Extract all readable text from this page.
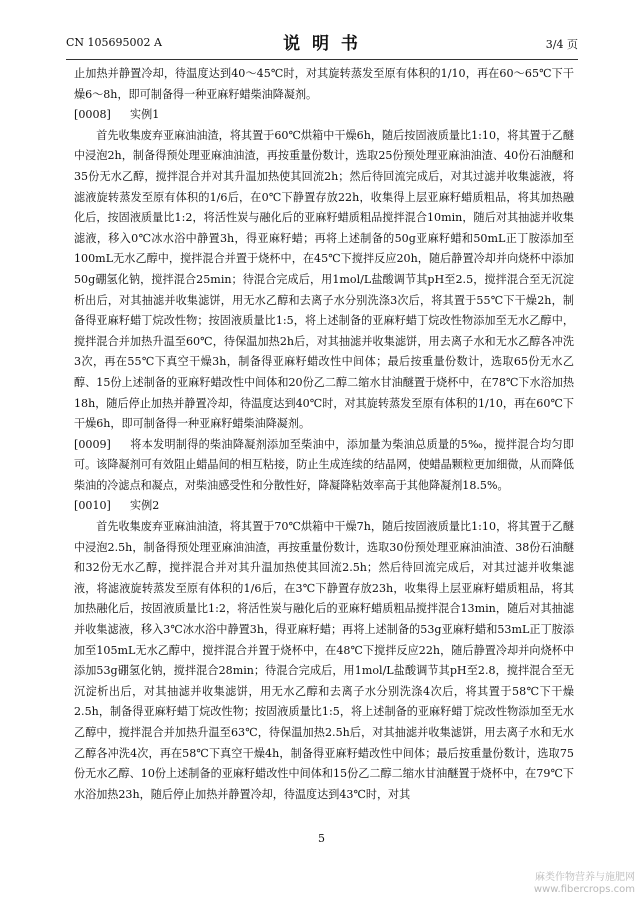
CN 105695002 A	说 明 书	3/4 页

止加热并静置冷却，待温度达到40～45℃时，对其旋转蒸发至原有体积的1/10，再在60～65℃下干燥6～8h，即可制备得一种亚麻籽蜡柴油降凝剂。

[0008] 实例1

首先收集废弃亚麻油油渣，将其置于60℃烘箱中干燥6h，随后按固液质量比1:10，将其置于乙醚中浸泡2h，制备得预处理亚麻油油渣，再按重量份数计，选取25份预处理亚麻油油渣、40份石油醚和35份无水乙醇，搅拌混合并对其升温加热使其回流2h；然后待回流完成后，对其过滤并收集滤液，将滤液旋转蒸发至原有体积的1/6后，在0℃下静置存放22h，收集得上层亚麻籽蜡质粗品，将其加热融化后，按固液质量比1:2，将活性炭与融化后的亚麻籽蜡质粗品搅拌混合10min，随后对其抽滤并收集滤液，移入0℃冰水浴中静置3h，得亚麻籽蜡；再将上述制备的50g亚麻籽蜡和50mL正丁胺添加至100mL无水乙醇中，搅拌混合并置于烧杯中，在45℃下搅拌反应20h，随后静置冷却并向烧杯中添加50g硼氢化钠，搅拌混合25min；待混合完成后，用1mol/L盐酸调节其pH至2.5，搅拌混合至无沉淀析出后，对其抽滤并收集滤饼，用无水乙醇和去离子水分别洗涤3次后，将其置于55℃下干燥2h，制备得亚麻籽蜡丁烷改性物；按固液质量比1:5，将上述制备的亚麻籽蜡丁烷改性物添加至无水乙醇中，搅拌混合并加热升温至60℃，待保温加热2h后，对其抽滤并收集滤饼，用去离子水和无水乙醇各冲洗3次，再在55℃下真空干燥3h，制备得亚麻籽蜡改性中间体；最后按重量份数计，选取65份无水乙醇、15份上述制备的亚麻籽蜡改性中间体和20份乙二醇二缩水甘油醚置于烧杯中，在78℃下水浴加热18h，随后停止加热并静置冷却，待温度达到40℃时，对其旋转蒸发至原有体积的1/10，再在60℃下干燥6h，即可制备得一种亚麻籽蜡柴油降凝剂。

[0009] 将本发明制得的柴油降凝剂添加至柴油中，添加量为柴油总质量的5‰，搅拌混合均匀即可。该降凝剂可有效阻止蜡晶间的相互粘接，防止生成连续的结晶网，使蜡晶颗粒更加细微，从而降低柴油的冷滤点和凝点，对柴油感受性和分散性好，降凝降粘效率高于其他降凝剂18.5%。

[0010] 实例2

首先收集废弃亚麻油油渣，将其置于70℃烘箱中干燥7h，随后按固液质量比1:10，将其置于乙醚中浸泡2.5h，制备得预处理亚麻油油渣，再按重量份数计，选取30份预处理亚麻油油渣、38份石油醚和32份无水乙醇，搅拌混合并对其升温加热使其回流2.5h；然后待回流完成后，对其过滤并收集滤液，将滤液旋转蒸发至原有体积的1/6后，在3℃下静置存放23h，收集得上层亚麻籽蜡质粗品，将其加热融化后，按固液质量比1:2，将活性炭与融化后的亚麻籽蜡质粗品搅拌混合13min，随后对其抽滤并收集滤液，移入3℃冰水浴中静置3h，得亚麻籽蜡；再将上述制备的53g亚麻籽蜡和53mL正丁胺添加至105mL无水乙醇中，搅拌混合并置于烧杯中，在48℃下搅拌反应22h，随后静置冷却并向烧杯中添加53g硼氢化钠，搅拌混合28min；待混合完成后，用1mol/L盐酸调节其pH至2.8，搅拌混合至无沉淀析出后，对其抽滤并收集滤饼，用无水乙醇和去离子水分别洗涤4次后，将其置于58℃下干燥2.5h，制备得亚麻籽蜡丁烷改性物；按固液质量比1:5，将上述制备的亚麻籽蜡丁烷改性物添加至无水乙醇中，搅拌混合并加热升温至63℃，待保温加热2.5h后，对其抽滤并收集滤饼，用去离子水和无水乙醇各冲洗4次，再在58℃下真空干燥4h，制备得亚麻籽蜡改性中间体；最后按重量份数计，选取75份无水乙醇、10份上述制备的亚麻籽蜡改性中间体和15份乙二醇二缩水甘油醚置于烧杯中，在79℃下水浴加热23h，随后停止加热并静置冷却，待温度达到43℃时，对其

5
麻类作物营养与施肥网
www.fibercrops.com
